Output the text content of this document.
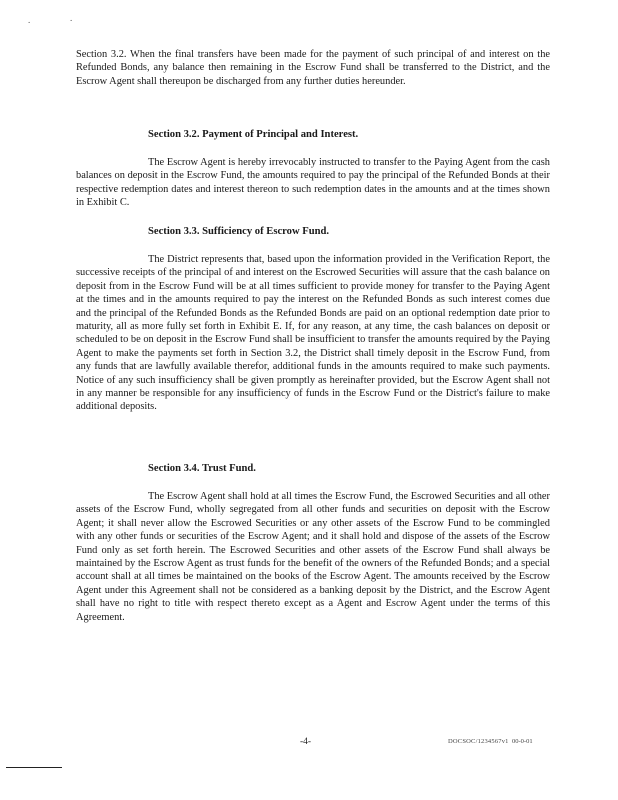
.	.

Section 3.2. When the final transfers have been made for the payment of such principal of and interest on the Refunded Bonds, any balance then remaining in the Escrow Fund shall be transferred to the District, and the Escrow Agent shall thereupon be discharged from any further duties hereunder.

Section 3.2. Payment of Principal and Interest.

The Escrow Agent is hereby irrevocably instructed to transfer to the Paying Agent from the cash balances on deposit in the Escrow Fund, the amounts required to pay the principal of the Refunded Bonds at their respective redemption dates and interest thereon to such redemption dates in the amounts and at the times shown in Exhibit C.

Section 3.3. Sufficiency of Escrow Fund.

The District represents that, based upon the information provided in the Verification Report, the successive receipts of the principal of and interest on the Escrowed Securities will assure that the cash balance on deposit from in the Escrow Fund will be at all times sufficient to provide money for transfer to the Paying Agent at the times and in the amounts required to pay the interest on the Refunded Bonds as such interest comes due and the principal of the Refunded Bonds as the Refunded Bonds are paid on an optional redemption date prior to maturity, all as more fully set forth in Exhibit E. If, for any reason, at any time, the cash balances on deposit or scheduled to be on deposit in the Escrow Fund shall be insufficient to transfer the amounts required by the Paying Agent to make the payments set forth in Section 3.2, the District shall timely deposit in the Escrow Fund, from any funds that are lawfully available therefor, additional funds in the amounts required to make such payments. Notice of any such insufficiency shall be given promptly as hereinafter provided, but the Escrow Agent shall not in any manner be responsible for any insufficiency of funds in the Escrow Fund or the District's failure to make additional deposits.

Section 3.4. Trust Fund.

The Escrow Agent shall hold at all times the Escrow Fund, the Escrowed Securities and all other assets of the Escrow Fund, wholly segregated from all other funds and securities on deposit with the Escrow Agent; it shall never allow the Escrowed Securities or any other assets of the Escrow Fund to be commingled with any other funds or securities of the Escrow Agent; and it shall hold and dispose of the assets of the Escrow Fund only as set forth herein. The Escrowed Securities and other assets of the Escrow Fund shall always be maintained by the Escrow Agent as trust funds for the benefit of the owners of the Refunded Bonds; and a special account shall at all times be maintained on the books of the Escrow Agent. The amounts received by the Escrow Agent under this Agreement shall not be considered as a banking deposit by the District, and the Escrow Agent shall have no right to title with respect thereto except as a Agent and Escrow Agent under the terms of this Agreement.

-4-	DOCSOC/1234567v1 00-0-01
